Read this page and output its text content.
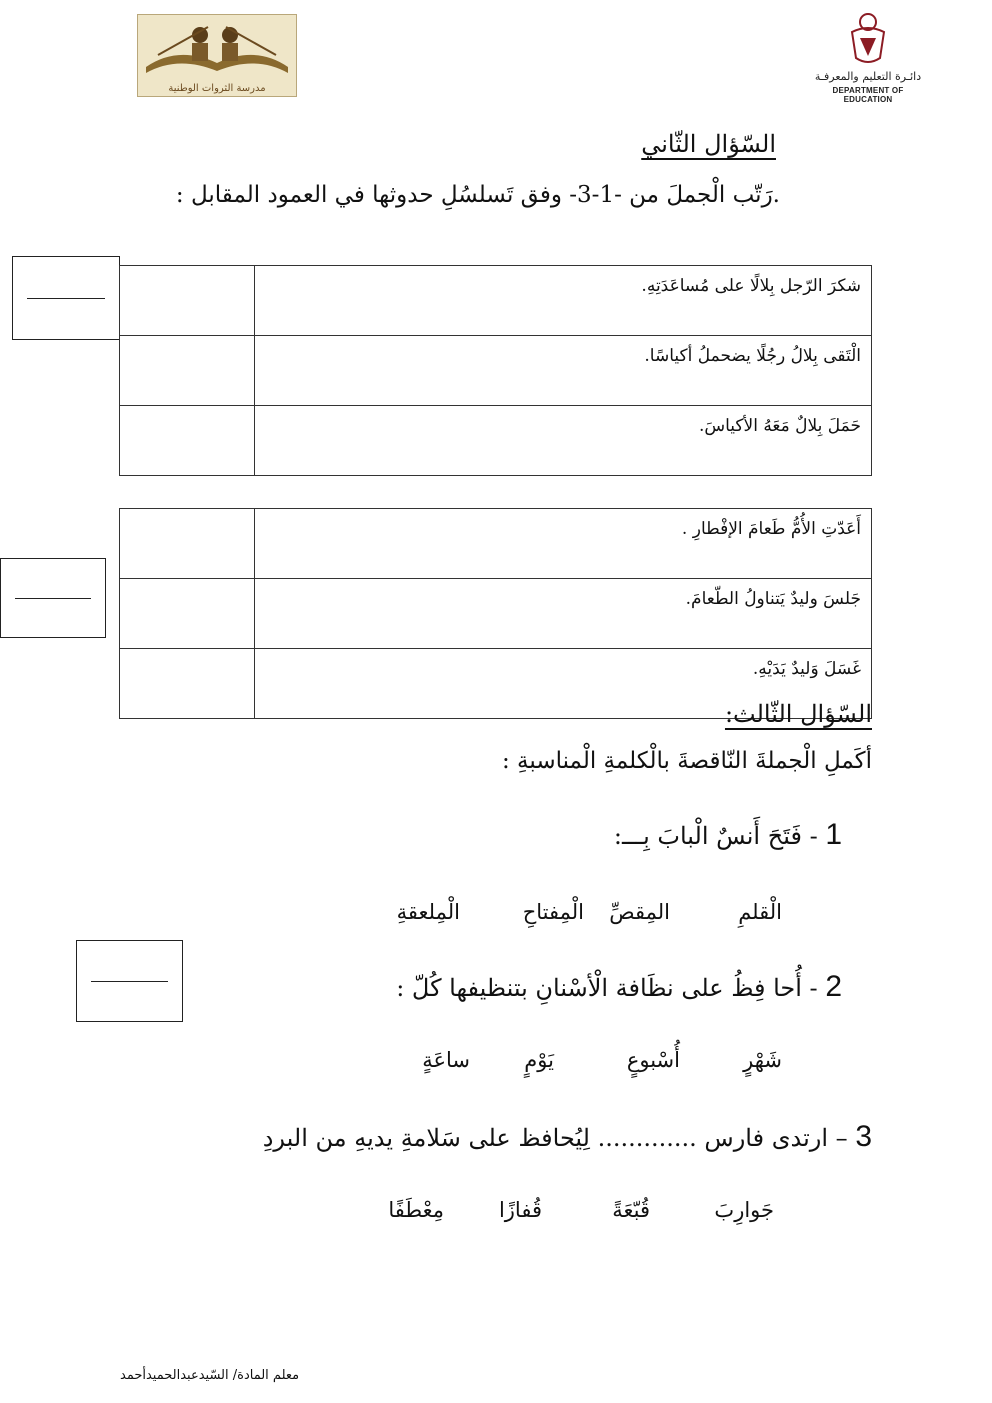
مدرسة الثروات الوطنية
دائـرة التعليم والمعرفـة
DEPARTMENT OF EDUCATION
السّؤال الثّاني
.رَتّب الْجملَ من -1-3- وفق تَسلسُلِ حدوثها في العمود المقابل :
	شكرَ الرّجل بِلالًا على مُساعَدَتِهِ.
	الْتَقى بِلالُ رجُلًا يضحملُ أكياسًا.
	حَمَلَ بِلالٌ مَعَهُ الأكياسَ.
	أَعَدّتِ الأُمُّ طَعامَ الإفْطارِ .
	جَلسَ وليدٌ يَتناولُ الطّعامَ.
	غَسَلَ وَليدٌ يَدَيْهِ.
السّؤال الثّالث:
أكَملِ الْجملةَ النّاقصةَ بالْكلمةِ الْمناسبةِ :
1 - فَتَحَ أَنسٌ الْبابَ بِـــ:
الْقلمِ
المِقصِّ
الْمِفتاحِ
الْمِلعقةِ
2 - أُحا فِظُ على نظَافة الْأسْنانِ بتنظيفها كُلّ :
شَهْرٍ
أُسْبوعٍ
يَوْمٍ
ساعَةٍ
3 – ارتدى فارس ............. لِيُحافظ على سَلامةِ يديهِ من البردِ
جَوارِبَ
قُبّعَةً
قُفازًا
مِعْطَفًا
معلم المادة/ السّيدعبدالحميدأحمد
